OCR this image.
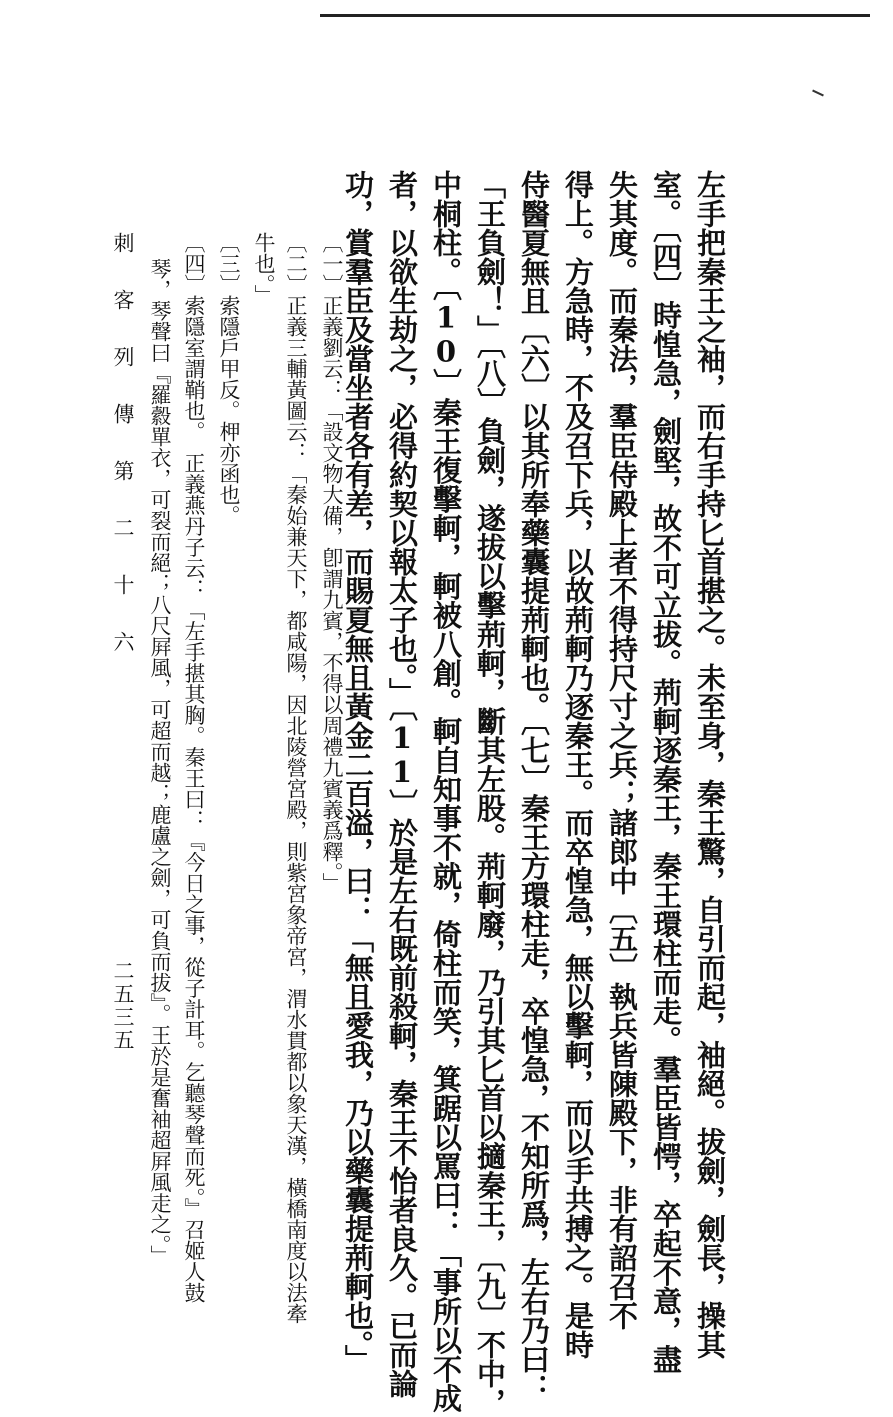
左手把秦王之袖，而右手持匕首揕之。未至身，秦王驚，自引而起，袖絕。拔劍，劍長，操其
室。〔四〕時惶急，劍堅，故不可立拔。荊軻逐秦王，秦王環柱而走。羣臣皆愕，卒起不意，盡
失其度。而秦法，羣臣侍殿上者不得持尺寸之兵；諸郎中〔五〕執兵皆陳殿下，非有詔召不
得上。方急時，不及召下兵，以故荊軻乃逐秦王。而卒惶急，無以擊軻，而以手共搏之。是時
侍醫夏無且〔六〕以其所奉藥囊提荊軻也。〔七〕秦王方環柱走，卒惶急，不知所爲，左右乃曰：
「王負劍！」〔八〕負劍，遂拔以擊荊軻，斷其左股。荊軻廢，乃引其匕首以擿秦王，〔九〕不中，
中桐柱。〔10〕秦王復擊軻，軻被八創。軻自知事不就，倚柱而笑，箕踞以罵曰：「事所以不成
者，以欲生劫之，必得約契以報太子也。」〔11〕於是左右既前殺軻，秦王不怡者良久。已而論
功，賞羣臣及當坐者各有差，而賜夏無且黃金二百溢，曰：「無且愛我，乃以藥囊提荊軻也。」
〔一〕正義劉云：「設文物大備，卽謂九賓，不得以周禮九賓義爲釋。」
〔二〕正義三輔黃圖云：「秦始兼天下，都咸陽，因北陵營宮殿，則紫宮象帝宮，渭水貫都以象天漢，橫橋南度以法牽
牛也。」
〔三〕索隱戶甲反。柙亦函也。
〔四〕索隱室謂鞘也。　正義燕丹子云：「左手揕其胸。秦王曰：『今日之事，從子計耳。乞聽琴聲而死。』召姬人鼓
琴，琴聲曰『羅縠單衣，可裂而絕；八尺屛風，可超而越；鹿盧之劍，可負而拔』。王於是奮袖超屛風走之。」
刺 客 列 傳 第 二 十 六
二五三五
